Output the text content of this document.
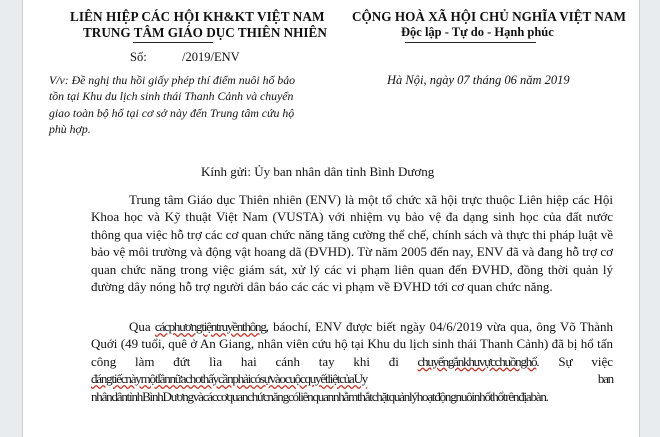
LIÊN HIỆP CÁC HỘI KH&KT VIỆT NAM
TRUNG TÂM GIÁO DỤC THIÊN NHIÊN
Số:	/2019/ENV
CỘNG HOÀ XÃ HỘI CHỦ NGHĨA VIỆT NAM
Độc lập - Tự do - Hạnh phúc
V/v: Đề nghị thu hồi giấy phép thí điểm nuôi hổ bảo tồn tại Khu du lịch sinh thái Thanh Cảnh và chuyển giao toàn bộ hổ tại cơ sở này đến Trung tâm cứu hộ phù hợp.
Hà Nội, ngày 07 tháng 06 năm 2019
Kính gửi: Ủy ban nhân dân tỉnh Bình Dương
Trung tâm Giáo dục Thiên nhiên (ENV) là một tổ chức xã hội trực thuộc Liên hiệp các Hội Khoa học và Kỹ thuật Việt Nam (VUSTA) với nhiệm vụ bảo vệ đa dạng sinh học của đất nước thông qua việc hỗ trợ các cơ quan chức năng tăng cường thể chế, chính sách và thực thi pháp luật về bảo vệ môi trường và động vật hoang dã (ĐVHD). Từ năm 2005 đến nay, ENV đã và đang hỗ trợ cơ quan chức năng trong việc giám sát, xử lý các vi phạm liên quan đến ĐVHD, đồng thời quản lý đường dây nóng hỗ trợ người dân báo các các vi phạm về ĐVHD tới cơ quan chức năng.
Qua cácphươngtiệntruyềnthông, báochí, ENV được biết ngày 04/6/2019 vừa qua, ông Võ Thành Quới (49 tuổi, quê ở An Giang, nhân viên cứu hộ tại Khu du lịch sinh thái Thanh Cảnh) đã bị hổ tấn công làm đứt lìa hai cánh tay khi đi chuyểngắnkhuvựcchuồnghổ. Sự việc đángtiếcnàymộtlầnnữachothấycầnphảicósựvàocuộcquyếtliệtcủaUy ban nhândântỉnhBìnhDươngvàcáccơquanchứcnăngcóliênquannhằmthắtchặtquảnlýhoạtđộngnuôinhốt hổtrênđịabàn.
